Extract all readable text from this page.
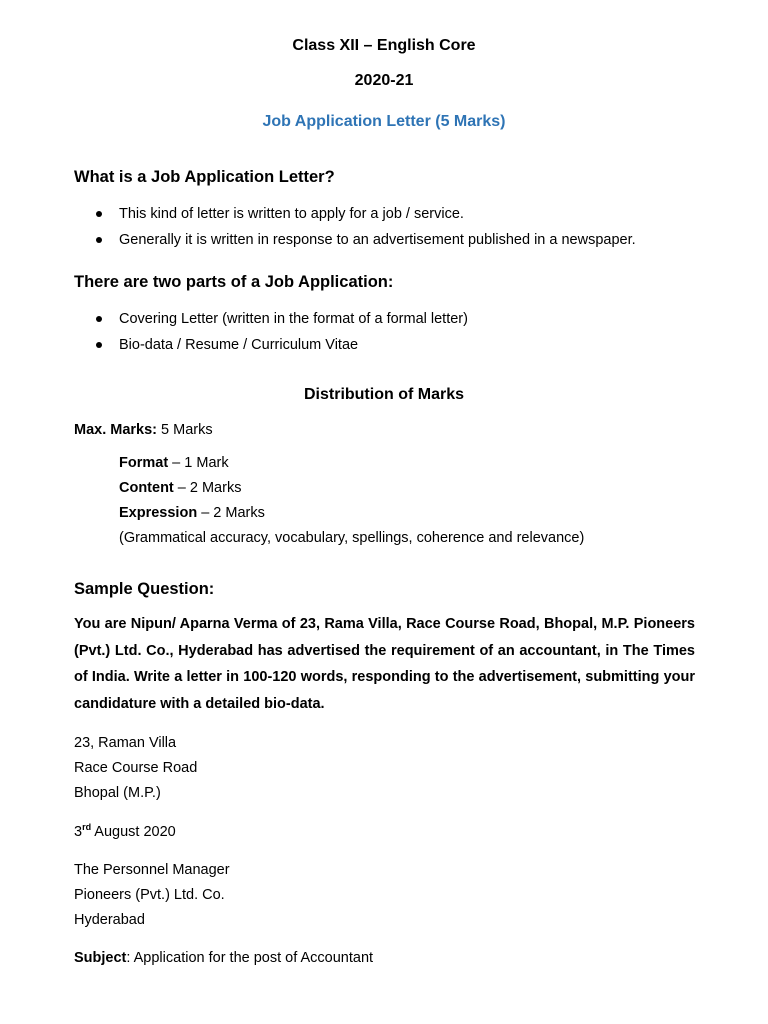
Class XII – English Core
2020-21
Job Application Letter (5 Marks)
What is a Job Application Letter?
This kind of letter is written to apply for a job / service.
Generally it is written in response to an advertisement published in a newspaper.
There are two parts of a Job Application:
Covering Letter (written in the format of a formal letter)
Bio-data / Resume / Curriculum Vitae
Distribution of Marks
Max. Marks: 5 Marks
Format – 1 Mark
Content – 2 Marks
Expression – 2 Marks
(Grammatical accuracy, vocabulary, spellings, coherence and relevance)
Sample Question:
You are Nipun/ Aparna Verma of 23, Rama Villa, Race Course Road, Bhopal, M.P. Pioneers (Pvt.) Ltd. Co., Hyderabad has advertised the requirement of an accountant, in The Times of India. Write a letter in 100-120 words, responding to the advertisement, submitting your candidature with a detailed bio-data.
23, Raman Villa
Race Course Road
Bhopal (M.P.)
3rd August 2020
The Personnel Manager
Pioneers (Pvt.) Ltd. Co.
Hyderabad
Subject: Application for the post of Accountant
